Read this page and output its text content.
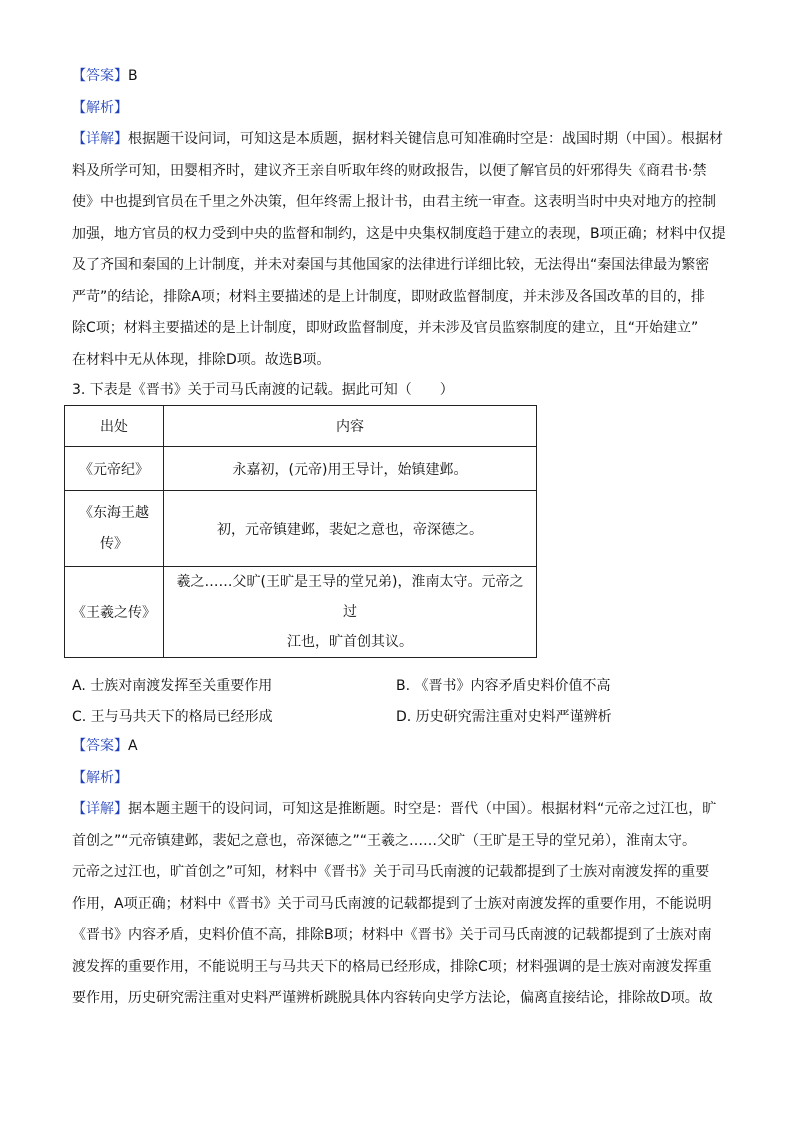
【答案】B
【解析】
【详解】根据题干设问词，可知这是本质题，据材料关键信息可知准确时空是：战国时期（中国）。根据材
料及所学可知，田婴相齐时，建议齐王亲自听取年终的财政报告，以便了解官员的奸邪得失《商君书·禁
使》中也提到官员在千里之外决策，但年终需上报计书，由君主统一审查。这表明当时中央对地方的控制
加强，地方官员的权力受到中央的监督和制约，这是中央集权制度趋于建立的表现，B项正确；材料中仅提
及了齐国和秦国的上计制度，并未对秦国与其他国家的法律进行详细比较，无法得出“秦国法律最为繁密
严苛”的结论，排除A项；材料主要描述的是上计制度，即财政监督制度，并未涉及各国改革的目的，排
除C项；材料主要描述的是上计制度，即财政监督制度，并未涉及官员监察制度的建立，且“开始建立”
在材料中无从体现，排除D项。故选B项。
3. 下表是《晋书》关于司马氏南渡的记载。据此可知（　　）
出处	内容
《元帝纪》	永嘉初，(元帝)用王导计，始镇建邺。

《东海王越
传》	初，元帝镇建邺，裴妃之意也，帝深德之。
《王羲之传》	羲之……父旷(王旷是王导的堂兄弟)，淮南太守。元帝之过
江也，旷首创其议。
A. 士族对南渡发挥至关重要作用	B. 《晋书》内容矛盾史料价值不高
C. 王与马共天下的格局已经形成	D. 历史研究需注重对史料严谨辨析
【答案】A
【解析】
【详解】据本题主题干的设问词，可知这是推断题。时空是：晋代（中国）。根据材料“元帝之过江也，旷
首创之”“元帝镇建邺，裴妃之意也，帝深德之”“王羲之……父旷（王旷是王导的堂兄弟），淮南太守。
元帝之过江也，旷首创之”可知，材料中《晋书》关于司马氏南渡的记载都提到了士族对南渡发挥的重要
作用，A项正确；材料中《晋书》关于司马氏南渡的记载都提到了士族对南渡发挥的重要作用，不能说明
《晋书》内容矛盾，史料价值不高，排除B项；材料中《晋书》关于司马氏南渡的记载都提到了士族对南
渡发挥的重要作用，不能说明王与马共天下的格局已经形成，排除C项；材料强调的是士族对南渡发挥重
要作用，历史研究需注重对史料严谨辨析跳脱具体内容转向史学方法论，偏离直接结论，排除故D项。故
